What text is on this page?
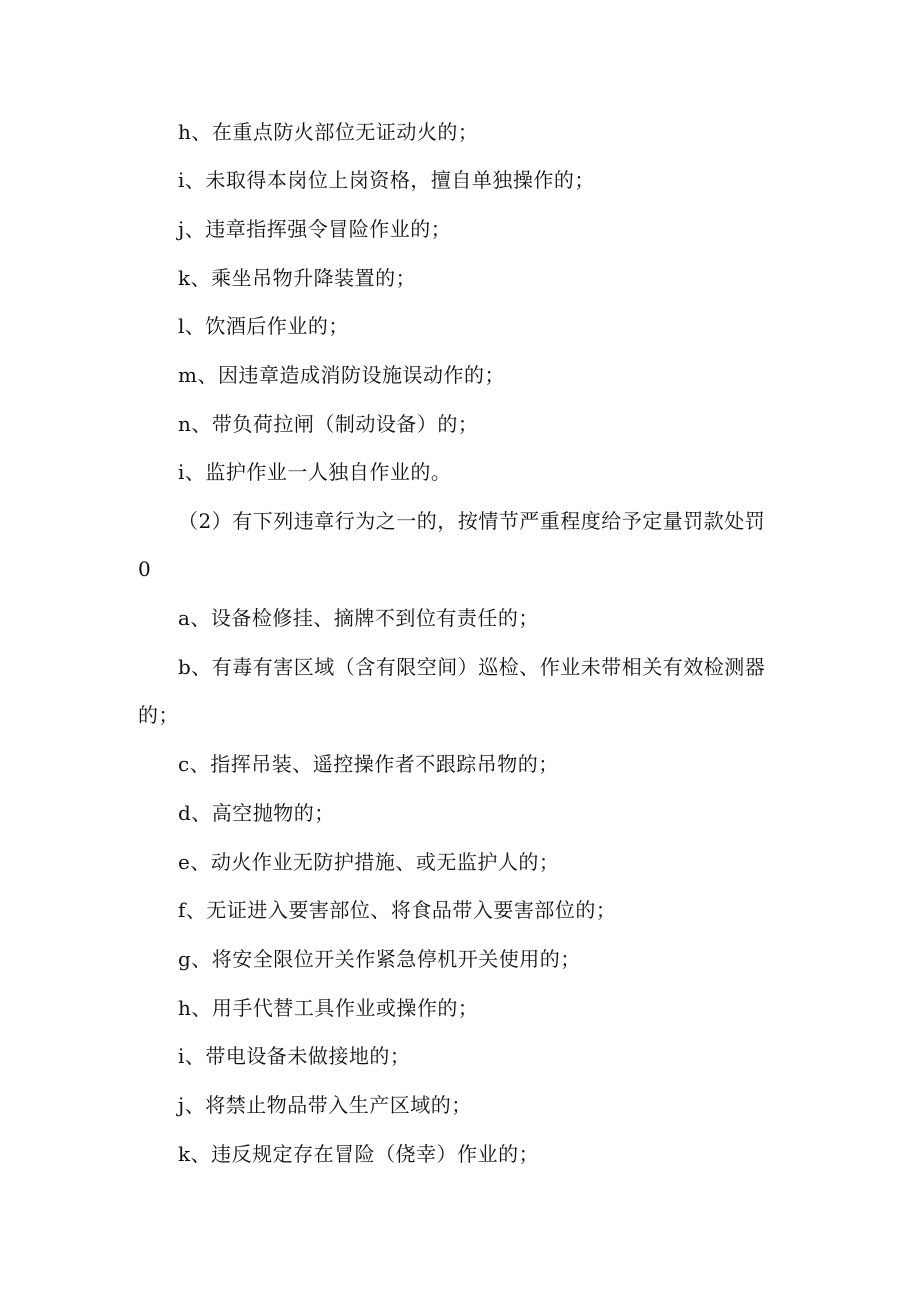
h、在重点防火部位无证动火的；

i、未取得本岗位上岗资格，擅自单独操作的；

j、违章指挥强令冒险作业的；

k、乘坐吊物升降装置的；

l、饮酒后作业的；

m、因违章造成消防设施误动作的；

n、带负荷拉闸（制动设备）的；

i、监护作业一人独自作业的。

（2）有下列违章行为之一的，按情节严重程度给予定量罚款处罚0

a、设备检修挂、摘牌不到位有责任的；

b、有毒有害区域（含有限空间）巡检、作业未带相关有效检测器的；

c、指挥吊装、遥控操作者不跟踪吊物的；

d、高空抛物的；

e、动火作业无防护措施、或无监护人的；

f、无证进入要害部位、将食品带入要害部位的；

g、将安全限位开关作紧急停机开关使用的；

h、用手代替工具作业或操作的；

i、带电设备未做接地的；

j、将禁止物品带入生产区域的；

k、违反规定存在冒险（侥幸）作业的；
